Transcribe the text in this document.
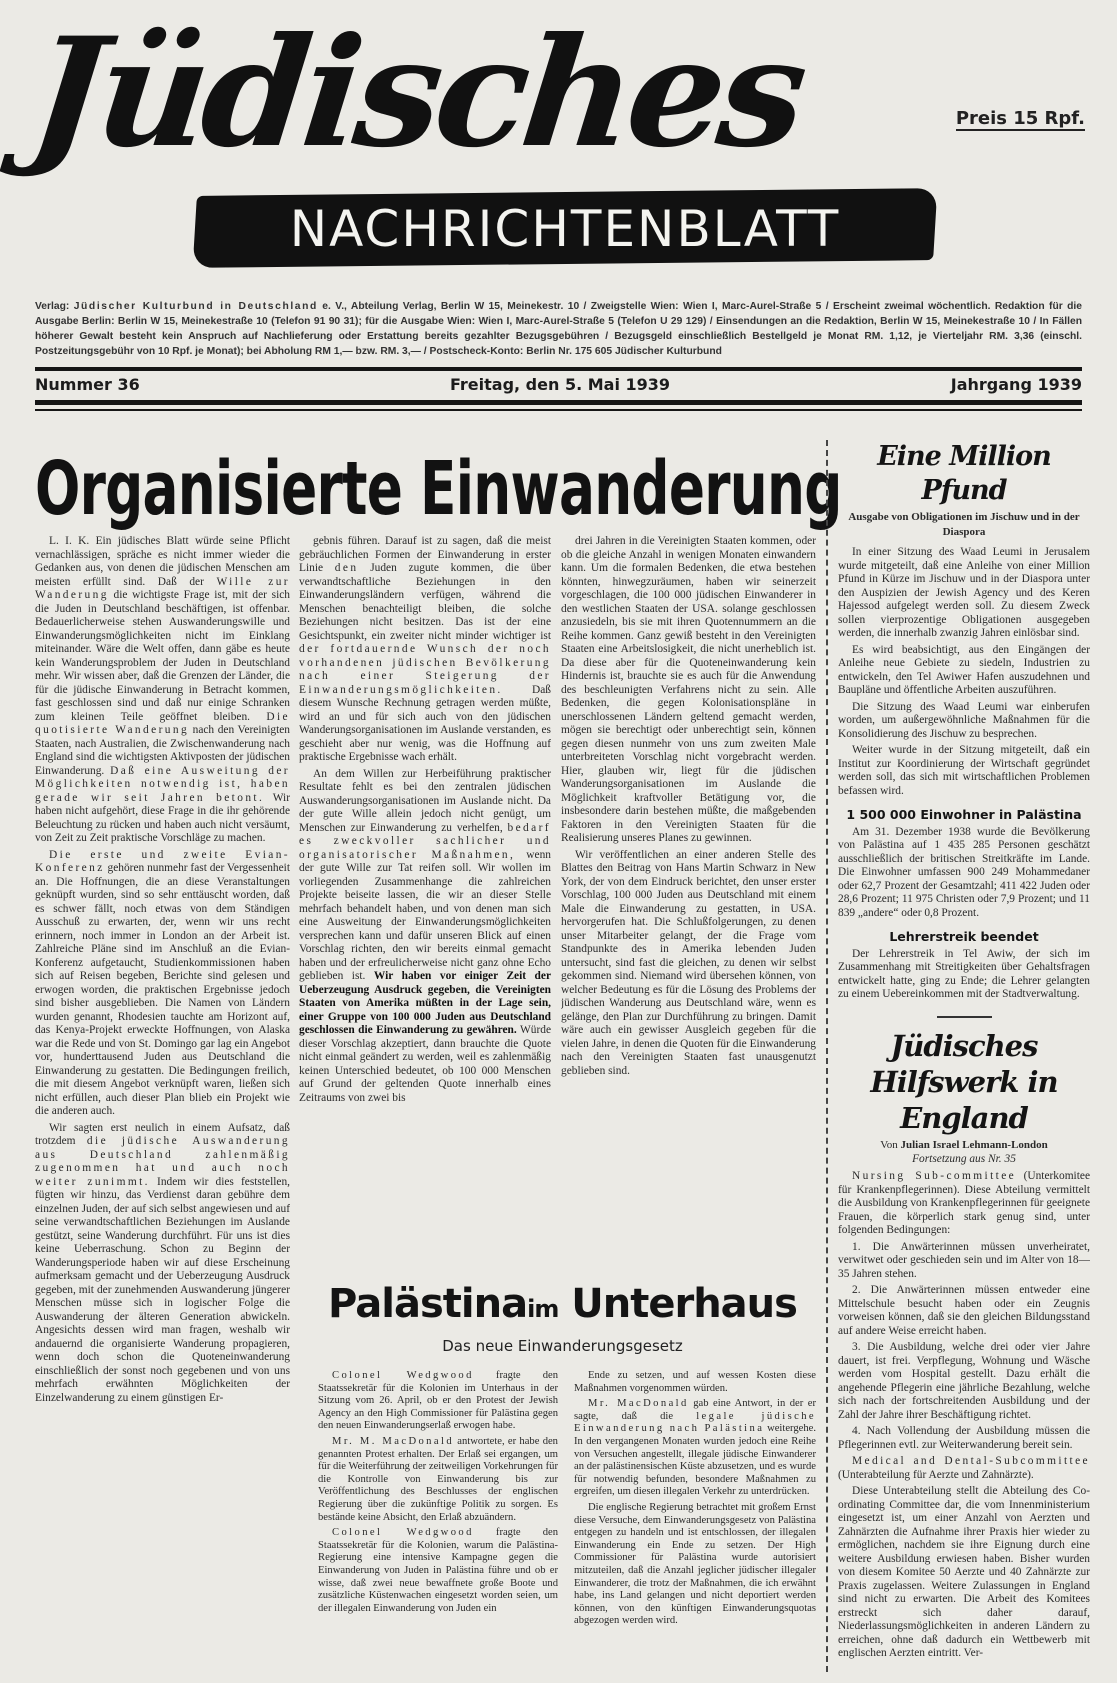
Jüdisches
NACHRICHTENBLATT
Preis 15 Rpf.
Verlag: Jüdischer Kulturbund in Deutschland e. V., Abteilung Verlag, Berlin W 15, Meinekestr. 10 / Zweigstelle Wien: Wien I, Marc-Aurel-Straße 5 / Erscheint zweimal wöchentlich. Redaktion für die Ausgabe Berlin: Berlin W 15, Meinekestraße 10 (Telefon 91 90 31); für die Ausgabe Wien: Wien I, Marc-Aurel-Straße 5 (Telefon U 29 129) / Einsendungen an die Redaktion, Berlin W 15, Meinekestraße 10 / In Fällen höherer Gewalt besteht kein Anspruch auf Nachlieferung oder Erstattung bereits gezahlter Bezugsgebühren / Bezugsgeld einschließlich Bestellgeld je Monat RM. 1,12, je Vierteljahr RM. 3,36 (einschl. Postzeitungsgebühr von 10 Rpf. je Monat); bei Abholung RM 1,— bzw. RM. 3,— / Postscheck-Konto: Berlin Nr. 175 605 Jüdischer Kulturbund
Nummer 36	Freitag, den 5. Mai 1939	Jahrgang 1939
Organisierte Einwanderung

L. I. K. Ein jüdisches Blatt würde seine Pflicht vernachlässigen, spräche es nicht immer wieder die Gedanken aus, von denen die jüdischen Menschen am meisten erfüllt sind. Daß der Wille zur Wanderung die wichtigste Frage ist, mit der sich die Juden in Deutschland beschäftigen, ist offenbar. Bedauerlicherweise stehen Auswanderungswille und Einwanderungsmöglichkeiten nicht im Einklang miteinander. Wäre die Welt offen, dann gäbe es heute kein Wanderungsproblem der Juden in Deutschland mehr. Wir wissen aber, daß die Grenzen der Länder, die für die jüdische Einwanderung in Betracht kommen, fast geschlossen sind und daß nur einige Schranken zum kleinen Teile geöffnet bleiben. Die quotisierte Wanderung nach den Vereinigten Staaten, nach Australien, die Zwischenwanderung nach England sind die wichtigsten Aktivposten der jüdischen Einwanderung. Daß eine Ausweitung der Möglichkeiten notwendig ist, haben gerade wir seit Jahren betont. Wir haben nicht aufgehört, diese Frage in die ihr gehörende Beleuchtung zu rücken und haben auch nicht versäumt, von Zeit zu Zeit praktische Vorschläge zu machen.

Die erste und zweite Evian-Konferenz gehören nunmehr fast der Vergessenheit an. Die Hoffnungen, die an diese Veranstaltungen geknüpft wurden, sind so sehr enttäuscht worden, daß es schwer fällt, noch etwas von dem Ständigen Ausschuß zu erwarten, der, wenn wir uns recht erinnern, noch immer in London an der Arbeit ist. Zahlreiche Pläne sind im Anschluß an die Evian-Konferenz aufgetaucht, Studienkommissionen haben sich auf Reisen begeben, Berichte sind gelesen und erwogen worden, die praktischen Ergebnisse jedoch sind bisher ausgeblieben. Die Namen von Ländern wurden genannt, Rhodesien tauchte am Horizont auf, das Kenya-Projekt erweckte Hoffnungen, von Alaska war die Rede und von St. Domingo gar lag ein Angebot vor, hunderttausend Juden aus Deutschland die Einwanderung zu gestatten. Die Bedingungen freilich, die mit diesem Angebot verknüpft waren, ließen sich nicht erfüllen, auch dieser Plan blieb ein Projekt wie die anderen auch.

Wir sagten erst neulich in einem Aufsatz, daß trotzdem die jüdische Auswanderung aus Deutschland zahlenmäßig zugenommen hat und auch noch weiter zunimmt. Indem wir dies feststellen, fügten wir hinzu, das Verdienst daran gebühre dem einzelnen Juden, der auf sich selbst angewiesen und auf seine verwandtschaftlichen Beziehungen im Auslande gestützt, seine Wanderung durchführt. Für uns ist dies keine Ueberraschung. Schon zu Beginn der Wanderungsperiode haben wir auf diese Erscheinung aufmerksam gemacht und der Ueberzeugung Ausdruck gegeben, mit der zunehmenden Auswanderung jüngerer Menschen müsse sich in logischer Folge die Auswanderung der älteren Generation abwickeln. Angesichts dessen wird man fragen, weshalb wir andauernd die organisierte Wanderung propagieren, wenn doch schon die Quoteneinwanderung einschließlich der sonst noch gegebenen und von uns mehrfach erwähnten Möglichkeiten der Einzelwanderung zu einem günstigen Er-

gebnis führen. Darauf ist zu sagen, daß die meist gebräuchlichen Formen der Einwanderung in erster Linie den Juden zugute kommen, die über verwandtschaftliche Beziehungen in den Einwanderungsländern verfügen, während die Menschen benachteiligt bleiben, die solche Beziehungen nicht besitzen. Das ist der eine Gesichtspunkt, ein zweiter nicht minder wichtiger ist der fortdauernde Wunsch der noch vorhandenen jüdischen Bevölkerung nach einer Steigerung der Einwanderungsmöglichkeiten. Daß diesem Wunsche Rechnung getragen werden müßte, wird an und für sich auch von den jüdischen Wanderungsorganisationen im Auslande verstanden, es geschieht aber nur wenig, was die Hoffnung auf praktische Ergebnisse wach erhält.

An dem Willen zur Herbeiführung praktischer Resultate fehlt es bei den zentralen jüdischen Auswanderungsorganisationen im Auslande nicht. Da der gute Wille allein jedoch nicht genügt, um Menschen zur Einwanderung zu verhelfen, bedarf es zweckvoller sachlicher und organisatorischer Maßnahmen, wenn der gute Wille zur Tat reifen soll. Wir wollen im vorliegenden Zusammenhange die zahlreichen Projekte beiseite lassen, die wir an dieser Stelle mehrfach behandelt haben, und von denen man sich eine Ausweitung der Einwanderungsmöglichkeiten versprechen kann und dafür unseren Blick auf einen Vorschlag richten, den wir bereits einmal gemacht haben und der erfreulicherweise nicht ganz ohne Echo geblieben ist. Wir haben vor einiger Zeit der Ueberzeugung Ausdruck gegeben, die Vereinigten Staaten von Amerika müßten in der Lage sein, einer Gruppe von 100 000 Juden aus Deutschland geschlossen die Einwanderung zu gewähren. Würde dieser Vorschlag akzeptiert, dann brauchte die Quote nicht einmal geändert zu werden, weil es zahlenmäßig keinen Unterschied bedeutet, ob 100 000 Menschen auf Grund der geltenden Quote innerhalb eines Zeitraums von zwei bis

drei Jahren in die Vereinigten Staaten kommen, oder ob die gleiche Anzahl in wenigen Monaten einwandern kann. Um die formalen Bedenken, die etwa bestehen könnten, hinwegzuräumen, haben wir seinerzeit vorgeschlagen, die 100 000 jüdischen Einwanderer in den westlichen Staaten der USA. solange geschlossen anzusiedeln, bis sie mit ihren Quotennummern an die Reihe kommen. Ganz gewiß besteht in den Vereinigten Staaten eine Arbeitslosigkeit, die nicht unerheblich ist. Da diese aber für die Quoteneinwanderung kein Hindernis ist, brauchte sie es auch für die Anwendung des beschleunigten Verfahrens nicht zu sein. Alle Bedenken, die gegen Kolonisationspläne in unerschlossenen Ländern geltend gemacht werden, mögen sie berechtigt oder unberechtigt sein, können gegen diesen nunmehr von uns zum zweiten Male unterbreiteten Vorschlag nicht vorgebracht werden. Hier, glauben wir, liegt für die jüdischen Wanderungsorganisationen im Auslande die Möglichkeit kraftvoller Betätigung vor, die insbesondere darin bestehen müßte, die maßgebenden Faktoren in den Vereinigten Staaten für die Realisierung unseres Planes zu gewinnen.

Wir veröffentlichen an einer anderen Stelle des Blattes den Beitrag von Hans Martin Schwarz in New York, der von dem Eindruck berichtet, den unser erster Vorschlag, 100 000 Juden aus Deutschland mit einem Male die Einwanderung zu gestatten, in USA. hervorgerufen hat. Die Schlußfolgerungen, zu denen unser Mitarbeiter gelangt, der die Frage vom Standpunkte des in Amerika lebenden Juden untersucht, sind fast die gleichen, zu denen wir selbst gekommen sind. Niemand wird übersehen können, von welcher Bedeutung es für die Lösung des Problems der jüdischen Wanderung aus Deutschland wäre, wenn es gelänge, den Plan zur Durchführung zu bringen. Damit wäre auch ein gewisser Ausgleich gegeben für die vielen Jahre, in denen die Quoten für die Einwanderung nach den Vereinigten Staaten fast unausgenutzt geblieben sind.

Eine Million Pfund
Ausgabe von Obligationen im Jischuw und in der Diaspora

In einer Sitzung des Waad Leumi in Jerusalem wurde mitgeteilt, daß eine Anleihe von einer Million Pfund in Kürze im Jischuw und in der Diaspora unter den Auspizien der Jewish Agency und des Keren Hajessod aufgelegt werden soll. Zu diesem Zweck sollen vierprozentige Obligationen ausgegeben werden, die innerhalb zwanzig Jahren einlösbar sind.

Es wird beabsichtigt, aus den Eingängen der Anleihe neue Gebiete zu siedeln, Industrien zu entwickeln, den Tel Awiwer Hafen auszudehnen und Baupläne und öffentliche Arbeiten auszuführen.

Die Sitzung des Waad Leumi war einberufen worden, um außergewöhnliche Maßnahmen für die Konsolidierung des Jischuw zu besprechen.

Weiter wurde in der Sitzung mitgeteilt, daß ein Institut zur Koordinierung der Wirtschaft gegründet werden soll, das sich mit wirtschaftlichen Problemen befassen wird.

1 500 000 Einwohner in Palästina

Am 31. Dezember 1938 wurde die Bevölkerung von Palästina auf 1 435 285 Personen geschätzt ausschließlich der britischen Streitkräfte im Lande. Die Einwohner umfassen 900 249 Mohammedaner oder 62,7 Prozent der Gesamtzahl; 411 422 Juden oder 28,6 Prozent; 11 975 Christen oder 7,9 Prozent; und 11 839 „andere“ oder 0,8 Prozent.

Lehrerstreik beendet

Der Lehrerstreik in Tel Awiw, der sich im Zusammenhang mit Streitigkeiten über Gehaltsfragen entwickelt hatte, ging zu Ende; die Lehrer gelangten zu einem Uebereinkommen mit der Stadtverwaltung.

Jüdisches Hilfswerk in England
Von Julian Israel Lehmann-London
Fortsetzung aus Nr. 35

Nursing Sub-committee (Unterkomitee für Krankenpflegerinnen). Diese Abteilung vermittelt die Ausbildung von Krankenpflegerinnen für geeignete Frauen, die körperlich stark genug sind, unter folgenden Bedingungen:

1. Die Anwärterinnen müssen unverheiratet, verwitwet oder geschieden sein und im Alter von 18—35 Jahren stehen.

2. Die Anwärterinnen müssen entweder eine Mittelschule besucht haben oder ein Zeugnis vorweisen können, daß sie den gleichen Bildungsstand auf andere Weise erreicht haben.

3. Die Ausbildung, welche drei oder vier Jahre dauert, ist frei. Verpflegung, Wohnung und Wäsche werden vom Hospital gestellt. Dazu erhält die angehende Pflegerin eine jährliche Bezahlung, welche sich nach der fortschreitenden Ausbildung und der Zahl der Jahre ihrer Beschäftigung richtet.

4. Nach Vollendung der Ausbildung müssen die Pflegerinnen evtl. zur Weiterwanderung bereit sein.

Medical and Dental-Subcommittee (Unterabteilung für Aerzte und Zahnärzte).

Diese Unterabteilung stellt die Abteilung des Co-ordinating Committee dar, die vom Innenministerium eingesetzt ist, um einer Anzahl von Aerzten und Zahnärzten die Aufnahme ihrer Praxis hier wieder zu ermöglichen, nachdem sie ihre Eignung durch eine weitere Ausbildung erwiesen haben. Bisher wurden von diesem Komitee 50 Aerzte und 40 Zahnärzte zur Praxis zugelassen. Weitere Zulassungen in England sind nicht zu erwarten. Die Arbeit des Komitees erstreckt sich daher darauf, Niederlassungsmöglichkeiten in anderen Ländern zu erreichen, ohne daß dadurch ein Wettbewerb mit englischen Aerzten eintritt. Ver-

Palästinaim Unterhaus
Das neue Einwanderungsgesetz

Colonel Wedgwood fragte den Staatssekretär für die Kolonien im Unterhaus in der Sitzung vom 26. April, ob er den Protest der Jewish Agency an den High Commissioner für Palästina gegen den neuen Einwanderungserlaß erwogen habe.

Mr. M. MacDonald antwortete, er habe den genannten Protest erhalten. Der Erlaß sei ergangen, um für die Weiterführung der zeitweiligen Vorkehrungen für die Kontrolle von Einwanderung bis zur Veröffentlichung des Beschlusses der englischen Regierung über die zukünftige Politik zu sorgen. Es bestände keine Absicht, den Erlaß abzuändern.

Colonel Wedgwood fragte den Staatssekretär für die Kolonien, warum die Palästina-Regierung eine intensive Kampagne gegen die Einwanderung von Juden in Palästina führe und ob er wisse, daß zwei neue bewaffnete große Boote und zusätzliche Küstenwachen eingesetzt worden seien, um der illegalen Einwanderung von Juden ein

Ende zu setzen, und auf wessen Kosten diese Maßnahmen vorgenommen würden.

Mr. MacDonald gab eine Antwort, in der er sagte, daß die legale jüdische Einwanderung nach Palästina weitergehe. In den vergangenen Monaten wurden jedoch eine Reihe von Versuchen angestellt, illegale jüdische Einwanderer an der palästinensischen Küste abzusetzen, und es wurde für notwendig befunden, besondere Maßnahmen zu ergreifen, um diesen illegalen Verkehr zu unterdrücken.

Die englische Regierung betrachtet mit großem Ernst diese Versuche, dem Einwanderungsgesetz von Palästina entgegen zu handeln und ist entschlossen, der illegalen Einwanderung ein Ende zu setzen. Der High Commissioner für Palästina wurde autorisiert mitzuteilen, daß die Anzahl jeglicher jüdischer illegaler Einwanderer, die trotz der Maßnahmen, die ich erwähnt habe, ins Land gelangen und nicht deportiert werden können, von den künftigen Einwanderungsquotas abgezogen werden wird.
